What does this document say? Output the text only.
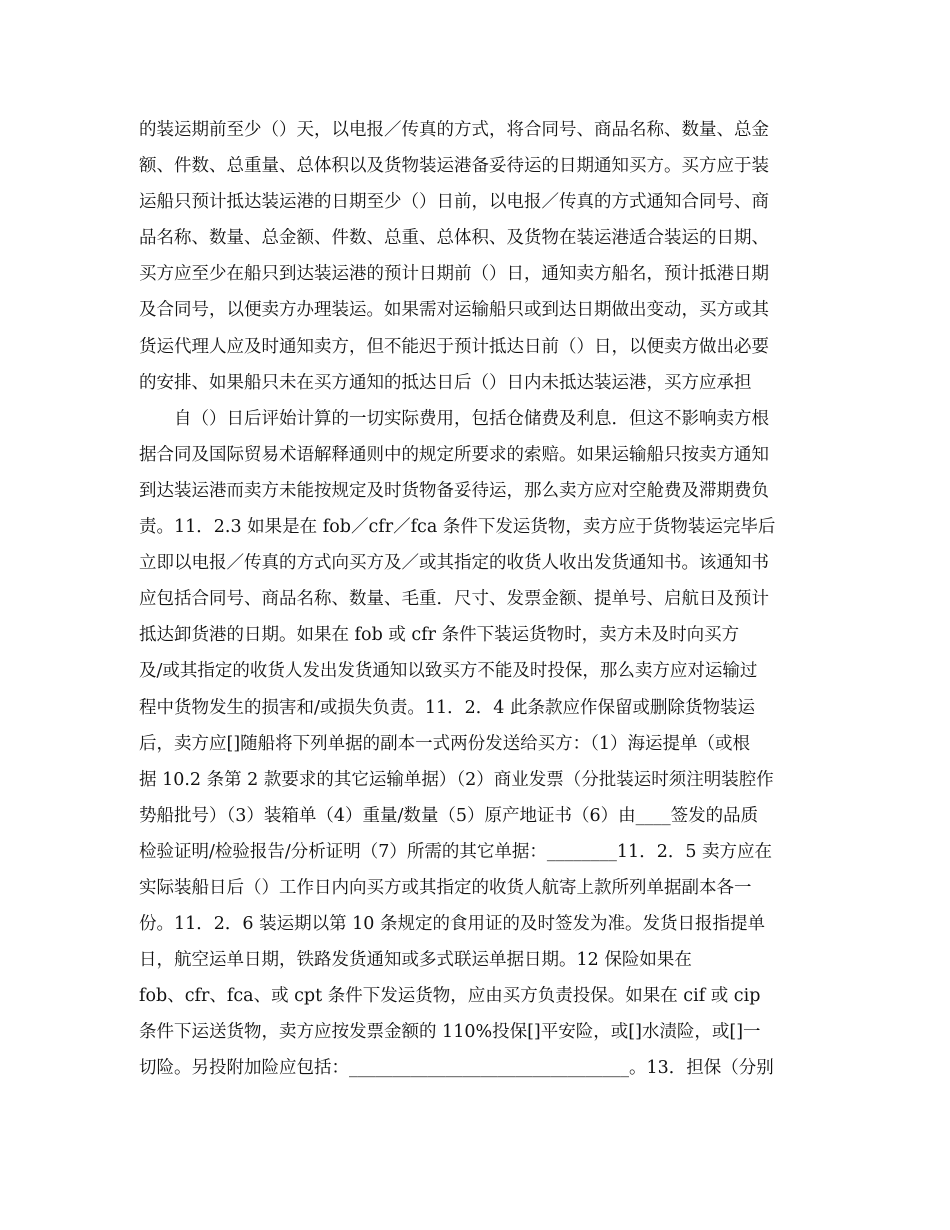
的装运期前至少（）天，以电报／传真的方式，将合同号、商品名称、数量、总金
额、件数、总重量、总体积以及货物装运港备妥待运的日期通知买方。买方应于装
运船只预计抵达装运港的日期至少（）日前，以电报／传真的方式通知合同号、商
品名称、数量、总金额、件数、总重、总体积、及货物在装运港适合装运的日期、
买方应至少在船只到达装运港的预计日期前（）日，通知卖方船名，预计抵港日期
及合同号，以便卖方办理装运。如果需对运输船只或到达日期做出变动，买方或其
货运代理人应及时通知卖方，但不能迟于预计抵达日前（）日，以便卖方做出必要
的安排、如果船只未在买方通知的抵达日后（）日内未抵达装运港，买方应承担
自（）日后评始计算的一切实际费用，包括仓储费及利息．但这不影响卖方根
据合同及国际贸易术语解释通则中的规定所要求的索赔。如果运输船只按卖方通知
到达装运港而卖方未能按规定及时货物备妥待运，那么卖方应对空舱费及滞期费负
责。11．2.3 如果是在 fob／cfr／fca 条件下发运货物，卖方应于货物装运完毕后
立即以电报／传真的方式向买方及／或其指定的收货人收出发货通知书。该通知书
应包括合同号、商品名称、数量、毛重．尺寸、发票金额、提单号、启航日及预计
抵达卸货港的日期。如果在 fob 或 cfr 条件下装运货物时，卖方未及时向买方
及/或其指定的收货人发出发货通知以致买方不能及时投保，那么卖方应对运输过
程中货物发生的损害和/或损失负责。11．2．4 此条款应作保留或删除货物装运
后，卖方应[]随船将下列单据的副本一式两份发送给买方：（1）海运提单（或根
据 10.2 条第 2 款要求的其它运输单据）（2）商业发票（分批装运时须注明装腔作
势船批号）（3）装箱单（4）重量/数量（5）原产地证书（6）由____签发的品质
检验证明/检验报告/分析证明（7）所需的其它单据：________11．2．5 卖方应在
实际装船日后（）工作日内向买方或其指定的收货人航寄上款所列单据副本各一
份。11．2．6 装运期以第 10 条规定的食用证的及时签发为准。发货日报指提单
日，航空运单日期，铁路发货通知或多式联运单据日期。12 保险如果在
fob、cfr、fca、或 cpt 条件下发运货物，应由买方负责投保。如果在 cif 或 cip
条件下运送货物，卖方应按发票金额的 110%投保[]平安险，或[]水渍险，或[]一
切险。另投附加险应包括：________________________________。13．担保（分别
